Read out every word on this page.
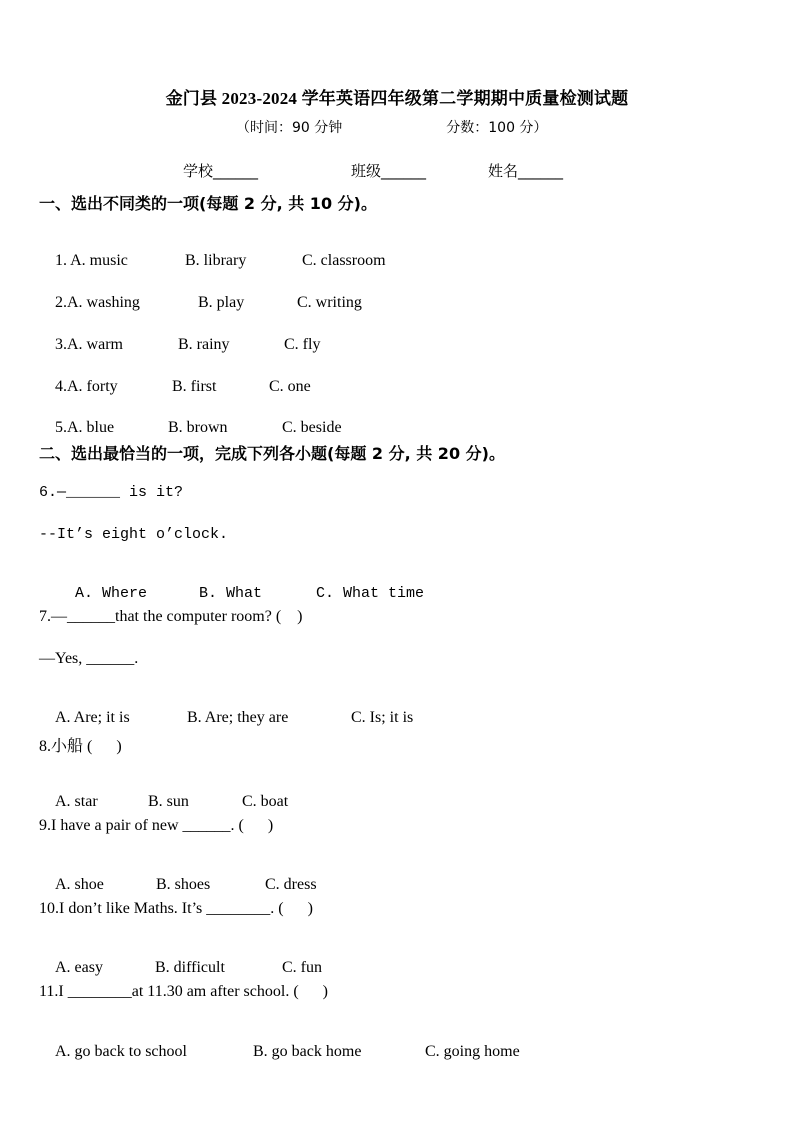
金门县 2023-2024 学年英语四年级第二学期期中质量检测试题
（时间：90 分钟	分数：100 分）
学校______	班级______	姓名______
一、选出不同类的一项(每题 2 分, 共 10 分)。

1. A. music	B. library	C. classroom

2.A. washing	B. play	C. writing

3.A. warm	B. rainy	C. fly

4.A. forty	B. first	C. one

5.A. blue	B. brown	C. beside

二、选出最恰当的一项，完成下列各小题(每题 2 分, 共 20 分)。
6.—______ is it?
--It’s eight o’clock.

A. Where	B. What	C. What time

7.—______that the computer room? (    )
—Yes, ______.

A. Are; it is	B. Are; they are	C. Is; it is

8.小船 (      )

A. star	B. sun	C. boat

9.I have a pair of new ______. (      )

A. shoe	B. shoes	C. dress

10.I don’t like Maths. It’s ________. (      )

A. easy	B. difficult	C. fun

11.I ________at 11.30 am after school. (      )

A. go back to school	B. go back home	C. going home
